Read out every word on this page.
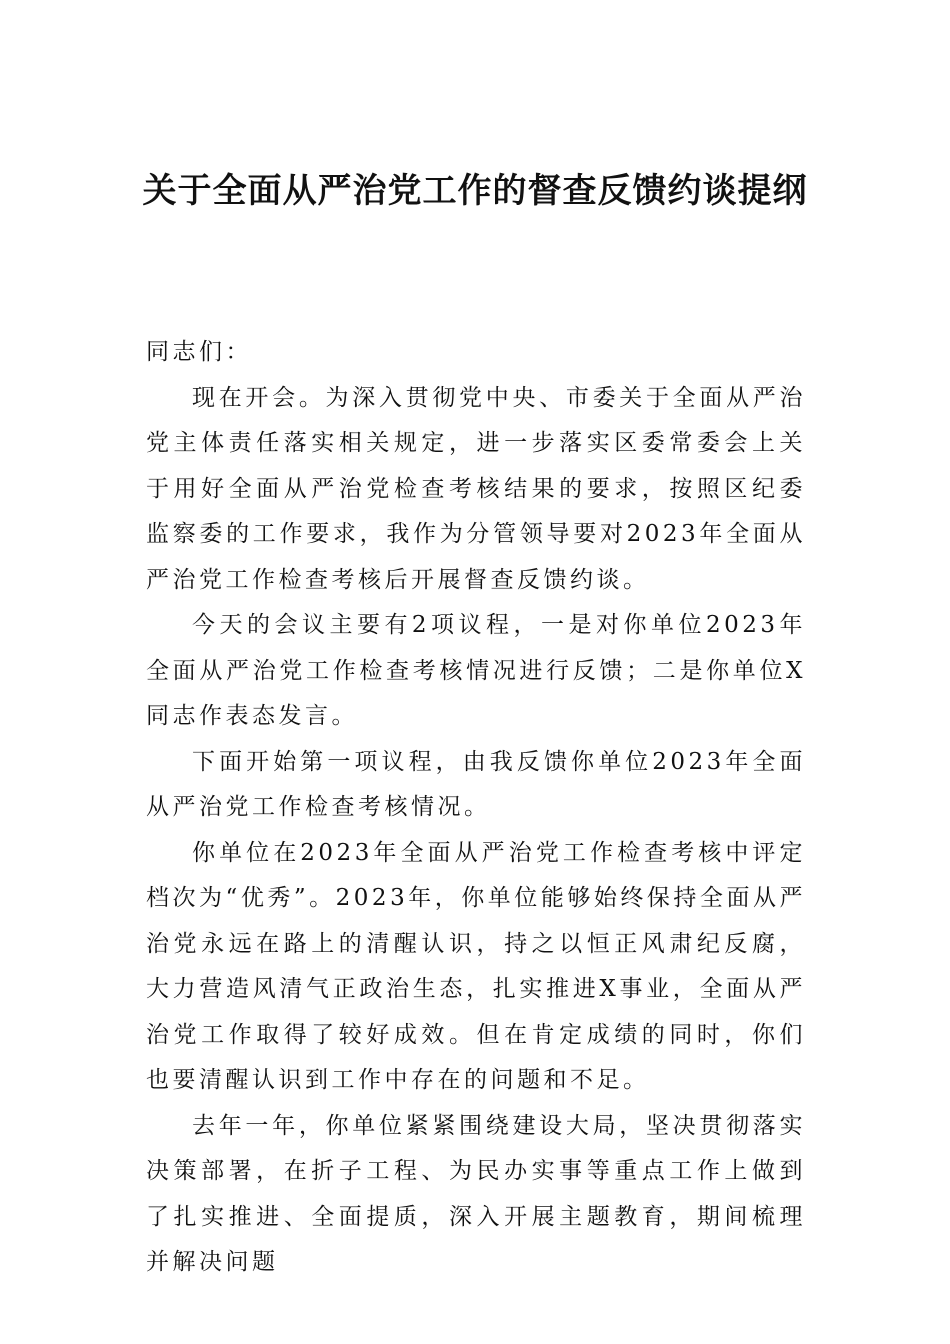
关于全面从严治党工作的督查反馈约谈提纲

同志们：

现在开会。为深入贯彻党中央、市委关于全面从严治党主体责任落实相关规定，进一步落实区委常委会上关于用好全面从严治党检查考核结果的要求，按照区纪委监察委的工作要求，我作为分管领导要对2023年全面从严治党工作检查考核后开展督查反馈约谈。

今天的会议主要有2项议程，一是对你单位2023年全面从严治党工作检查考核情况进行反馈；二是你单位X同志作表态发言。

下面开始第一项议程，由我反馈你单位2023年全面从严治党工作检查考核情况。

你单位在2023年全面从严治党工作检查考核中评定档次为“优秀”。2023年，你单位能够始终保持全面从严治党永远在路上的清醒认识，持之以恒正风肃纪反腐，大力营造风清气正政治生态，扎实推进X事业，全面从严治党工作取得了较好成效。但在肯定成绩的同时，你们也要清醒认识到工作中存在的问题和不足。

去年一年，你单位紧紧围绕建设大局，坚决贯彻落实决策部署，在折子工程、为民办实事等重点工作上做到了扎实推进、全面提质，深入开展主题教育，期间梳理并解决问题
